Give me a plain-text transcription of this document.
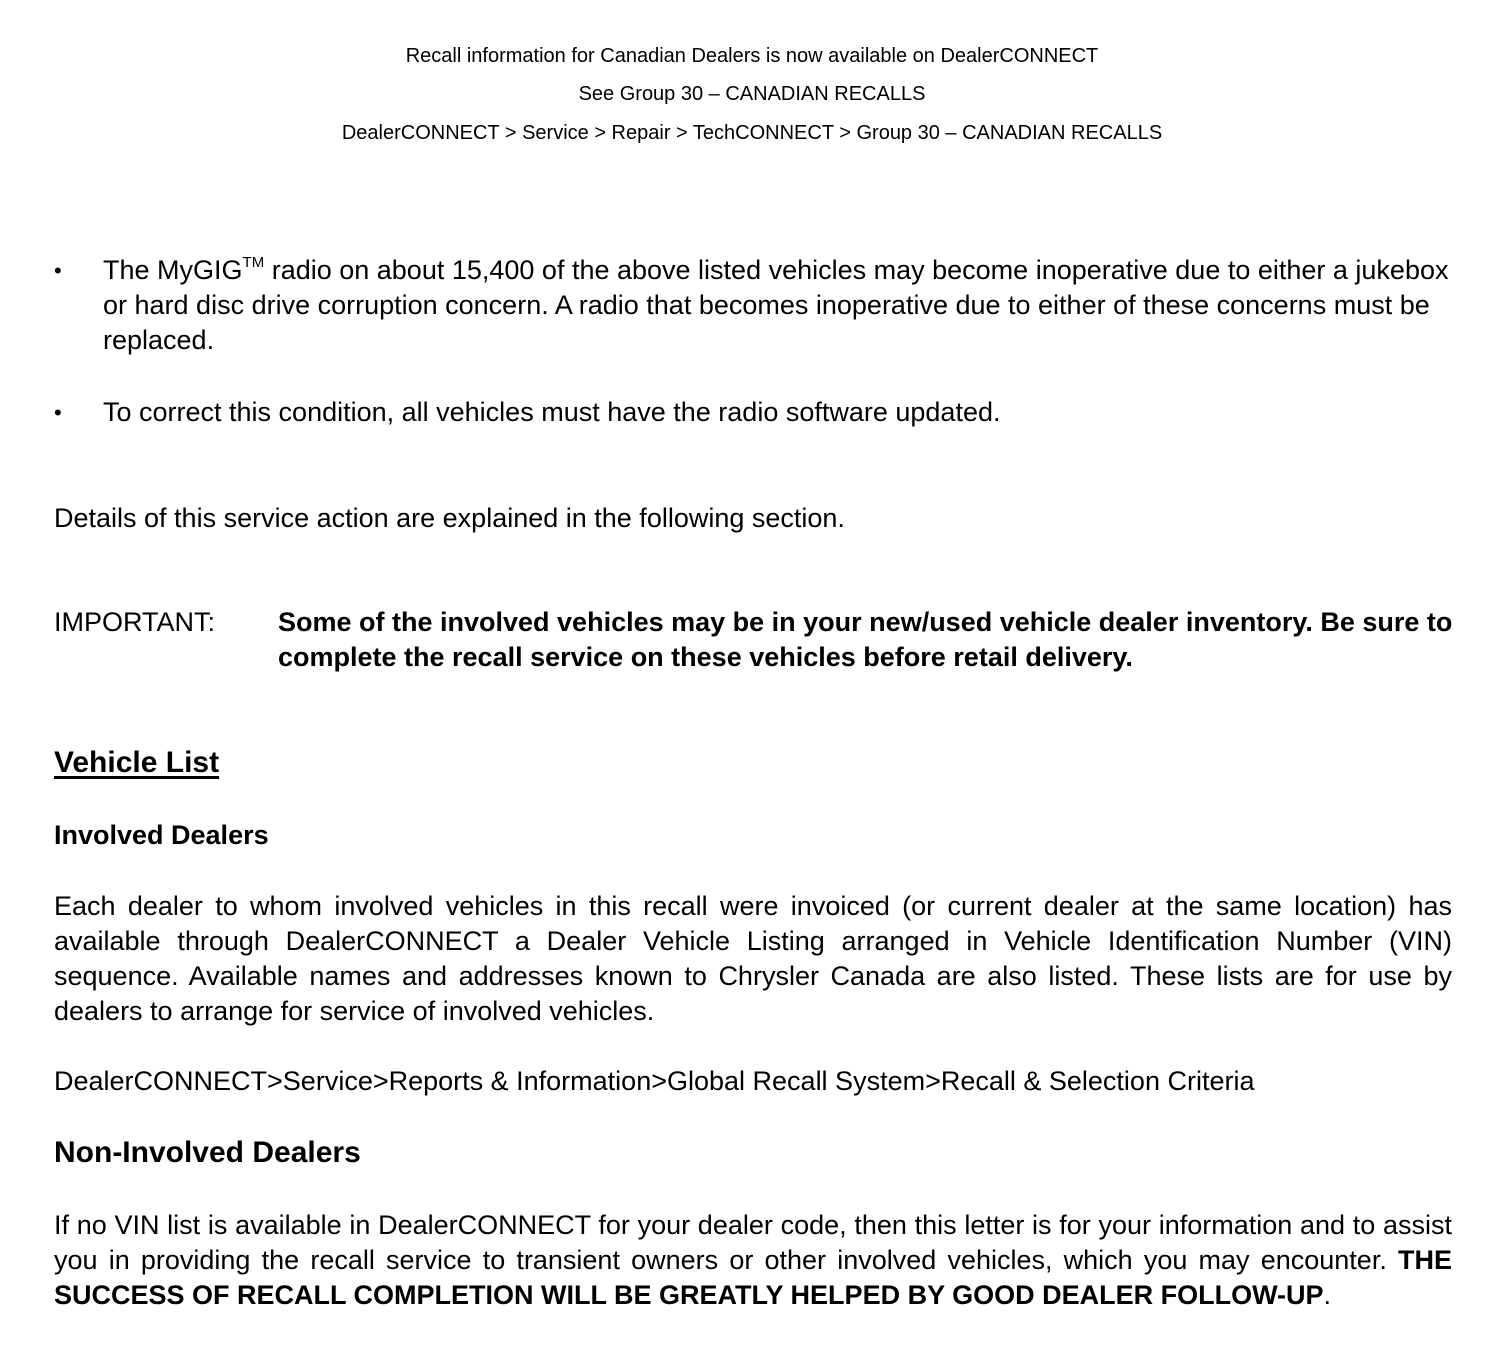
Recall information for Canadian Dealers is now available on DealerCONNECT
See Group 30 – CANADIAN RECALLS
DealerCONNECT > Service > Repair > TechCONNECT > Group 30 – CANADIAN RECALLS
• The MyGIG™ radio on about 15,400 of the above listed vehicles may become inoperative due to either a jukebox or hard disc drive corruption concern. A radio that becomes inoperative due to either of these concerns must be replaced.
• To correct this condition, all vehicles must have the radio software updated.
Details of this service action are explained in the following section.
IMPORTANT: Some of the involved vehicles may be in your new/used vehicle dealer inventory. Be sure to complete the recall service on these vehicles before retail delivery.
Vehicle List
Involved Dealers
Each dealer to whom involved vehicles in this recall were invoiced (or current dealer at the same location) has available through DealerCONNECT a Dealer Vehicle Listing arranged in Vehicle Identification Number (VIN) sequence. Available names and addresses known to Chrysler Canada are also listed. These lists are for use by dealers to arrange for service of involved vehicles.
DealerCONNECT>Service>Reports & Information>Global Recall System>Recall & Selection Criteria
Non-Involved Dealers
If no VIN list is available in DealerCONNECT for your dealer code, then this letter is for your information and to assist you in providing the recall service to transient owners or other involved vehicles, which you may encounter. THE SUCCESS OF RECALL COMPLETION WILL BE GREATLY HELPED BY GOOD DEALER FOLLOW-UP.
